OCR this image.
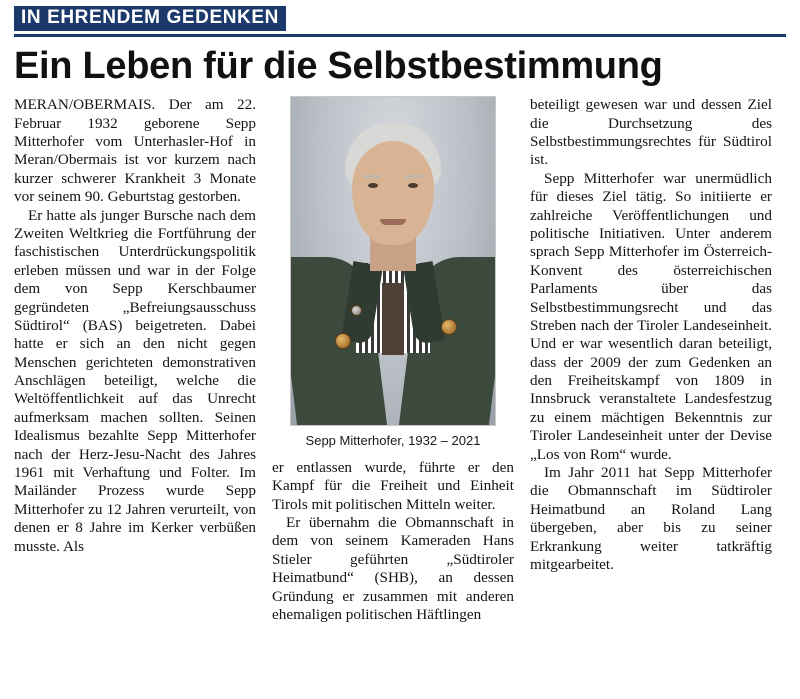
IN EHRENDEM GEDENKEN
Ein Leben für die Selbstbestimmung

MERAN/OBERMAIS. Der am 22. Februar 1932 geborene Sepp Mitterhofer vom Unterhasler-Hof in Meran/Obermais ist vor kurzem nach kurzer schwerer Krankheit 3 Monate vor seinem 90. Geburtstag gestorben.

Er hatte als junger Bursche nach dem Zweiten Weltkrieg die Fortführung der faschistischen Unterdrückungspolitik erleben müssen und war in der Folge dem von Sepp Kerschbaumer gegründeten „Befreiungsausschuss Südtirol“ (BAS) beigetreten. Dabei hatte er sich an den nicht gegen Menschen gerichteten demonstrativen Anschlägen beteiligt, welche die Weltöffentlichkeit auf das Unrecht aufmerksam machen sollten. Seinen Idealismus bezahlte Sepp Mitterhofer nach der Herz-Jesu-Nacht des Jahres 1961 mit Verhaftung und Folter. Im Mailänder Prozess wurde Sepp Mitterhofer zu 12 Jahren verurteilt, von denen er 8 Jahre im Kerker verbüßen musste. Als

Sepp Mitterhofer, 1932 – 2021

er entlassen wurde, führte er den Kampf für die Freiheit und Einheit Tirols mit politischen Mitteln weiter.

Er übernahm die Obmannschaft in dem von seinem Kameraden Hans Stieler geführten „Südtiroler Heimatbund“ (SHB), an dessen Gründung er zusammen mit anderen ehemaligen politischen Häftlingen

beteiligt gewesen war und dessen Ziel die Durchsetzung des Selbstbestimmungsrechtes für Südtirol ist.

Sepp Mitterhofer war unermüdlich für dieses Ziel tätig. So initiierte er zahlreiche Veröffentlichungen und politische Initiativen. Unter anderem sprach Sepp Mitterhofer im Österreich-Konvent des österreichischen Parlaments über das Selbstbestimmungsrecht und das Streben nach der Tiroler Landeseinheit. Und er war wesentlich daran beteiligt, dass der 2009 der zum Gedenken an den Freiheitskampf von 1809 in Innsbruck veranstaltete Landesfestzug zu einem mächtigen Bekenntnis zur Tiroler Landeseinheit unter der Devise „Los von Rom“ wurde.

Im Jahr 2011 hat Sepp Mitterhofer die Obmannschaft im Südtiroler Heimatbund an Roland Lang übergeben, aber bis zu seiner Erkrankung weiter tatkräftig mitgearbeitet.
